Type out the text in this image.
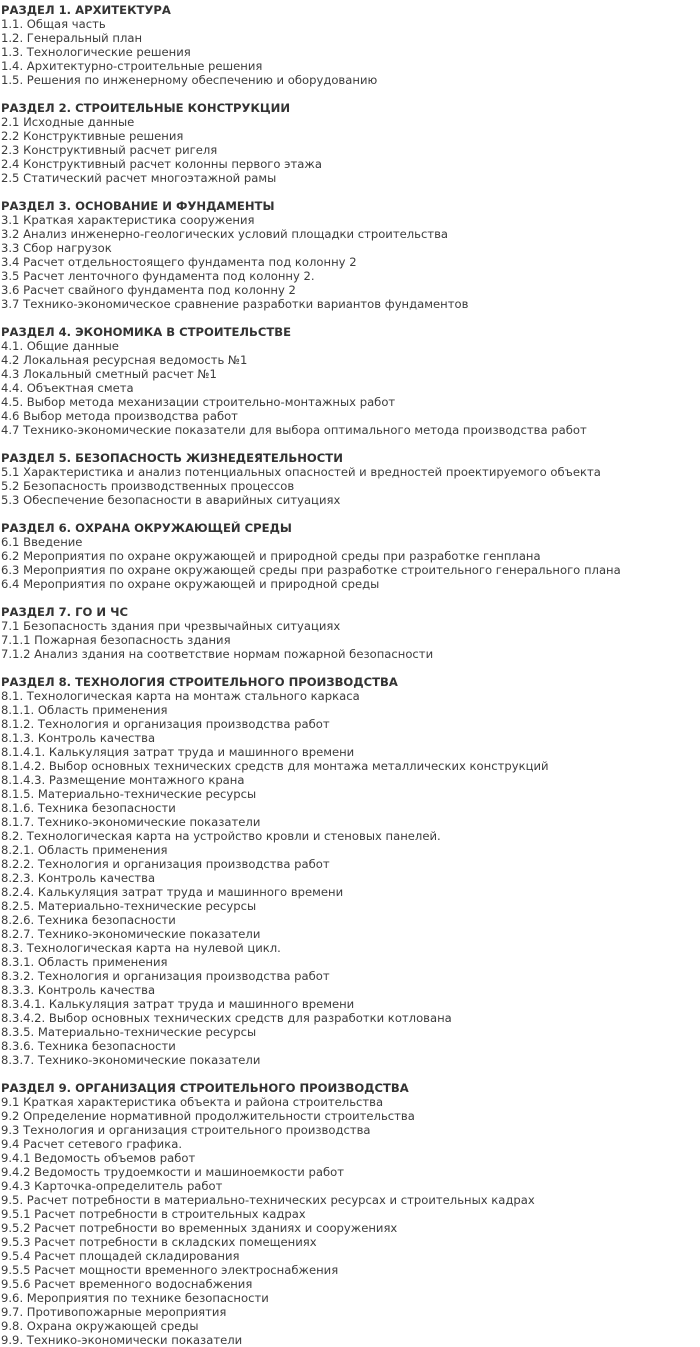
РАЗДЕЛ 1. АРХИТЕКТУРА
1.1. Общая часть
1.2. Генеральный план
1.3. Технологические решения
1.4. Архитектурно-строительные решения
1.5. Решения по инженерному обеспечению и оборудованию
РАЗДЕЛ 2. СТРОИТЕЛЬНЫЕ КОНСТРУКЦИИ
2.1 Исходные данные
2.2 Конструктивные решения
2.3 Конструктивный расчет ригеля
2.4 Конструктивный расчет колонны первого этажа
2.5 Статический расчет многоэтажной рамы
РАЗДЕЛ 3. ОСНОВАНИЕ И ФУНДАМЕНТЫ
3.1 Краткая характеристика сооружения
3.2 Анализ инженерно-геологических условий площадки строительства
3.3 Сбор нагрузок
3.4 Расчет отдельностоящего фундамента под колонну 2
3.5 Расчет ленточного фундамента под колонну 2.
3.6 Расчет свайного фундамента под колонну 2
3.7 Технико-экономическое сравнение разработки вариантов фундаментов
РАЗДЕЛ 4. ЭКОНОМИКА В СТРОИТЕЛЬСТВЕ
4.1. Общие данные
4.2 Локальная ресурсная ведомость №1
4.3 Локальный сметный расчет №1
4.4. Объектная смета
4.5. Выбор метода механизации строительно-монтажных работ
4.6 Выбор метода производства работ
4.7 Технико-экономические показатели для выбора оптимального метода производства работ
РАЗДЕЛ 5. БЕЗОПАСНОСТЬ ЖИЗНЕДЕЯТЕЛЬНОСТИ
5.1 Характеристика и анализ потенциальных опасностей и вредностей проектируемого объекта
5.2 Безопасность производственных процессов
5.3 Обеспечение безопасности в аварийных ситуациях
РАЗДЕЛ 6. ОХРАНА ОКРУЖАЮЩЕЙ СРЕДЫ
6.1 Введение
6.2 Мероприятия по охране окружающей и природной среды при разработке генплана
6.3 Мероприятия по охране окружающей среды при разработке строительного генерального плана
6.4 Мероприятия по охране окружающей и природной среды
РАЗДЕЛ 7. ГО И ЧС
7.1 Безопасность здания при чрезвычайных ситуациях
7.1.1 Пожарная безопасность здания
7.1.2 Анализ здания на соответствие нормам пожарной безопасности
РАЗДЕЛ 8. ТЕХНОЛОГИЯ СТРОИТЕЛЬНОГО ПРОИЗВОДСТВА
8.1. Технологическая карта на монтаж стального каркаса
8.1.1. Область применения
8.1.2. Технология и организация производства работ
8.1.3. Контроль качества
8.1.4.1. Калькуляция затрат труда и машинного времени
8.1.4.2. Выбор основных технических средств для монтажа металлических конструкций
8.1.4.3. Размещение монтажного крана
8.1.5. Материально-технические ресурсы
8.1.6. Техника безопасности
8.1.7. Технико-экономические показатели
8.2. Технологическая карта на устройство кровли и стеновых панелей.
8.2.1. Область применения
8.2.2. Технология и организация производства работ
8.2.3. Контроль качества
8.2.4. Калькуляция затрат труда и машинного времени
8.2.5. Материально-технические ресурсы
8.2.6. Техника безопасности
8.2.7. Технико-экономические показатели
8.3. Технологическая карта на нулевой цикл.
8.3.1. Область применения
8.3.2. Технология и организация производства работ
8.3.3. Контроль качества
8.3.4.1. Калькуляция затрат труда и машинного времени
8.3.4.2. Выбор основных технических средств для разработки котлована
8.3.5. Материально-технические ресурсы
8.3.6. Техника безопасности
8.3.7. Технико-экономические показатели
РАЗДЕЛ 9. ОРГАНИЗАЦИЯ СТРОИТЕЛЬНОГО ПРОИЗВОДСТВА
9.1 Краткая характеристика объекта и района строительства
9.2 Определение нормативной продолжительности строительства
9.3 Технология и организация строительного производства
9.4 Расчет сетевого графика.
9.4.1 Ведомость объемов работ
9.4.2 Ведомость трудоемкости и машиноемкости работ
9.4.3 Карточка-определитель работ
9.5. Расчет потребности в материально-технических ресурсах и строительных кадрах
9.5.1 Расчет потребности в строительных кадрах
9.5.2 Расчет потребности во временных зданиях и сооружениях
9.5.3 Расчет потребности в складских помещениях
9.5.4 Расчет площадей складирования
9.5.5 Расчет мощности временного электроснабжения
9.5.6 Расчет временного водоснабжения
9.6. Мероприятия по технике безопасности
9.7. Противопожарные мероприятия
9.8. Охрана окружающей среды
9.9. Технико-экономически показатели
